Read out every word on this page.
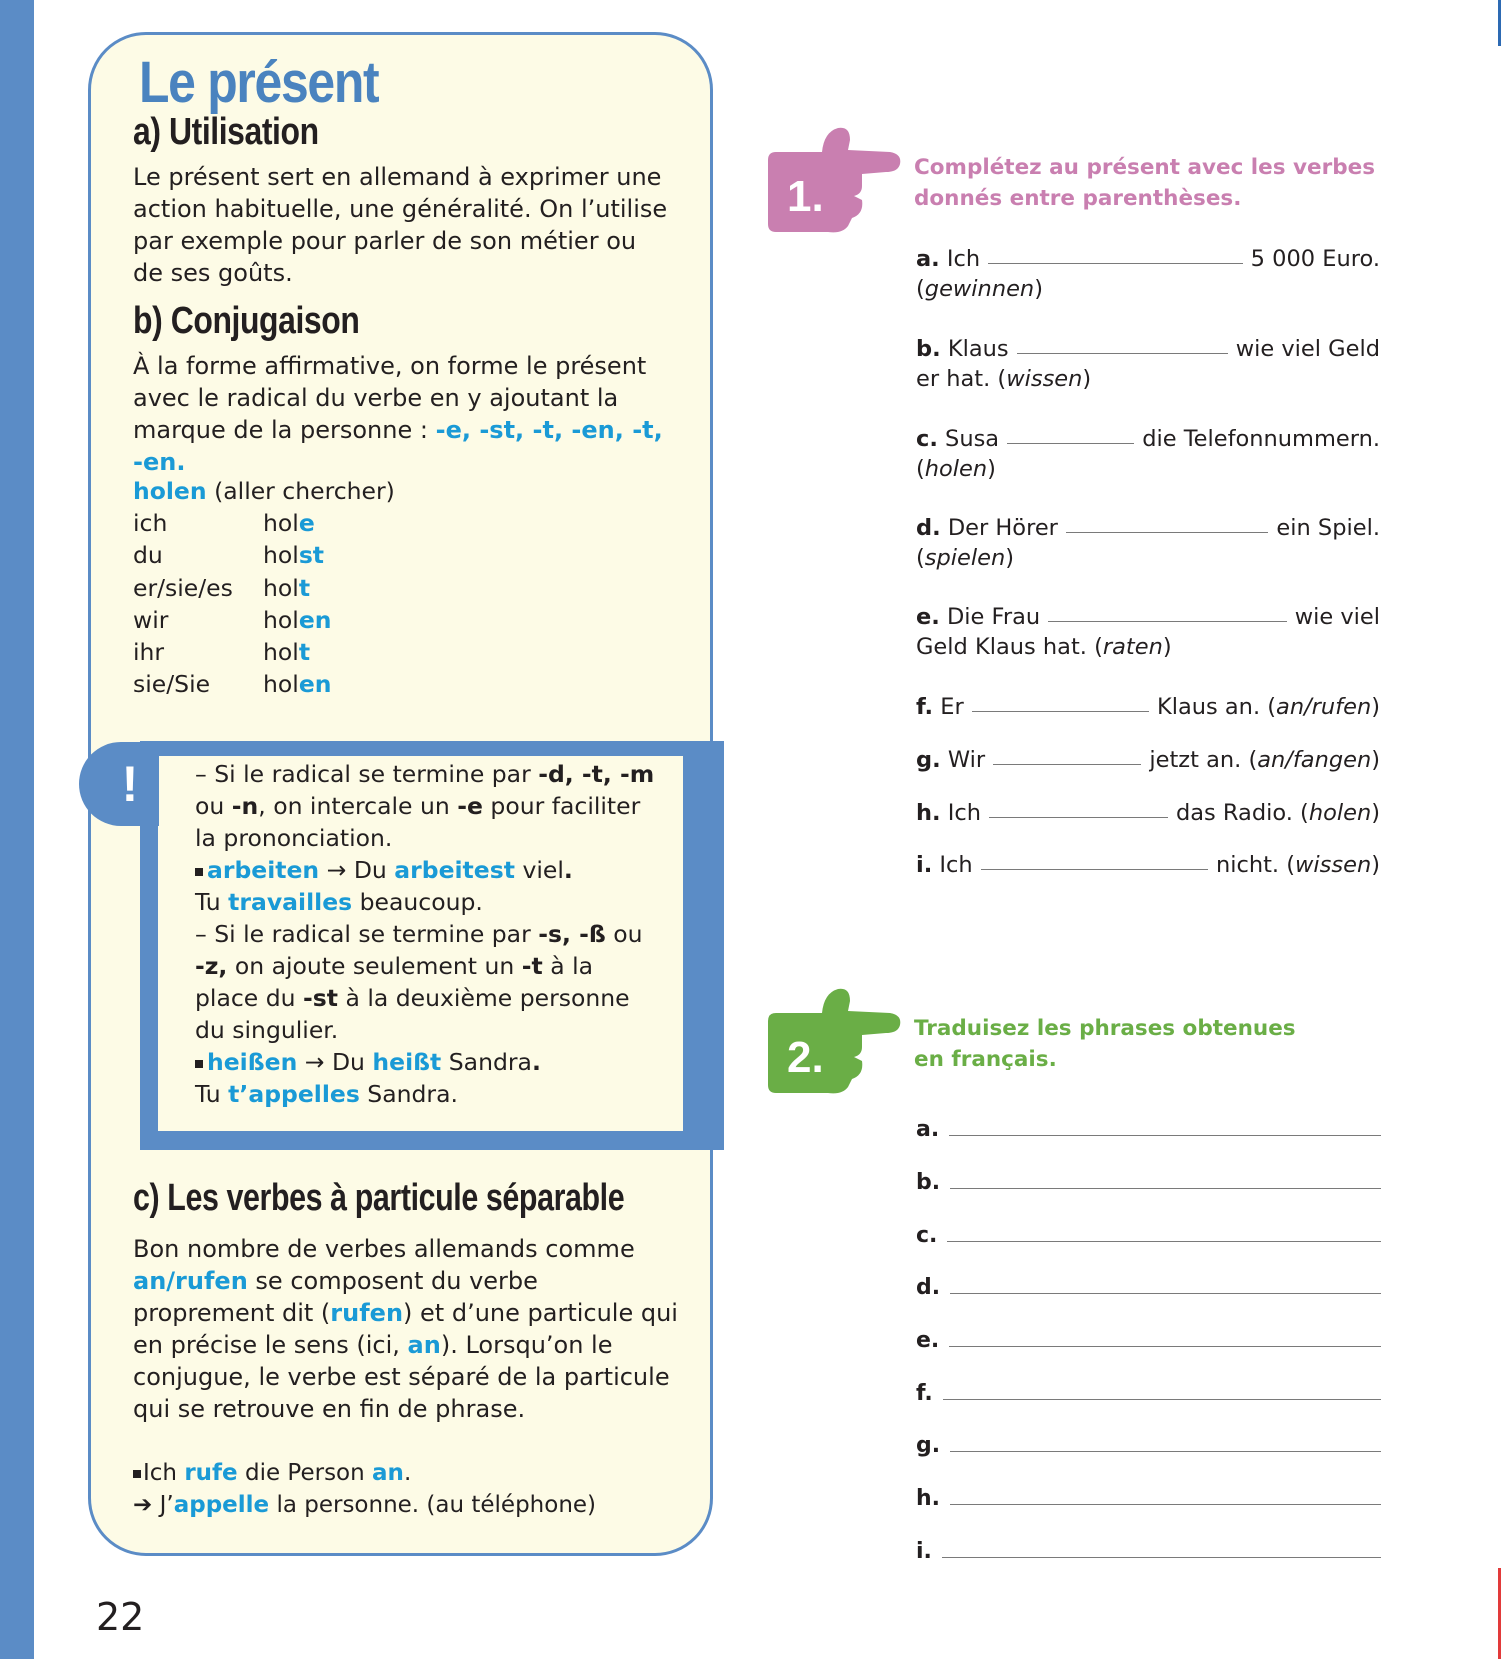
Le présent
a) Utilisation
Le présent sert en allemand à exprimer une action habituelle, une généralité. On l’utilise par exemple pour parler de son métier ou de ses goûts.
b) Conjugaison
À la forme affirmative, on forme le présent avec le radical du verbe en y ajoutant la marque de la personne : -e, -st, -t, -en, -t, -en.
holen
(aller chercher)
ich	hol e
du	hol st
er/sie/es	hol t
wir	hol en
ihr	hol t
sie/Sie	hol en
!	– Si le radical se termine par -d, -t, -m ou -n, on intercale un -e pour faciliter la prononciation.
arbeiten → Du arbeitest viel.
Tu travailles beaucoup.
– Si le radical se termine par -s, -ß ou -z, on ajoute seulement un -t à la place du -st à la deuxième personne du singulier.
heißen → Du heißt Sandra.
Tu t’appelles Sandra.
c) Les verbes à particule séparable
Bon nombre de verbes allemands comme an/rufen se composent du verbe proprement dit (rufen) et d’une particule qui en précise le sens (ici, an). Lorsqu’on le conjugue, le verbe est séparé de la particule qui se retrouve en fin de phrase.
Ich rufe die Person an.
➔ J’appelle la personne. (au téléphone)
22
1.
Complétez au présent avec les verbes donnés entre parenthèses.
a.
Ich	5 000 Euro.
(gewinnen)
b.
Klaus	wie viel Geld
er hat. (wissen)
c.
Susa	die Telefonnummern.
(holen)
d.
Der Hörer	ein Spiel.
(spielen)
e.
Die Frau	wie viel
Geld Klaus hat. (raten)
f.
Er	Klaus an. ( an/rufen )
g.
Wir	jetzt an. ( an/fangen )
h.
Ich	das Radio. ( holen )
i.
Ich	nicht. ( wissen )
2.
Traduisez les phrases obtenues en français.
a.
b.
c.
d.
e.
f.
g.
h.
i.
